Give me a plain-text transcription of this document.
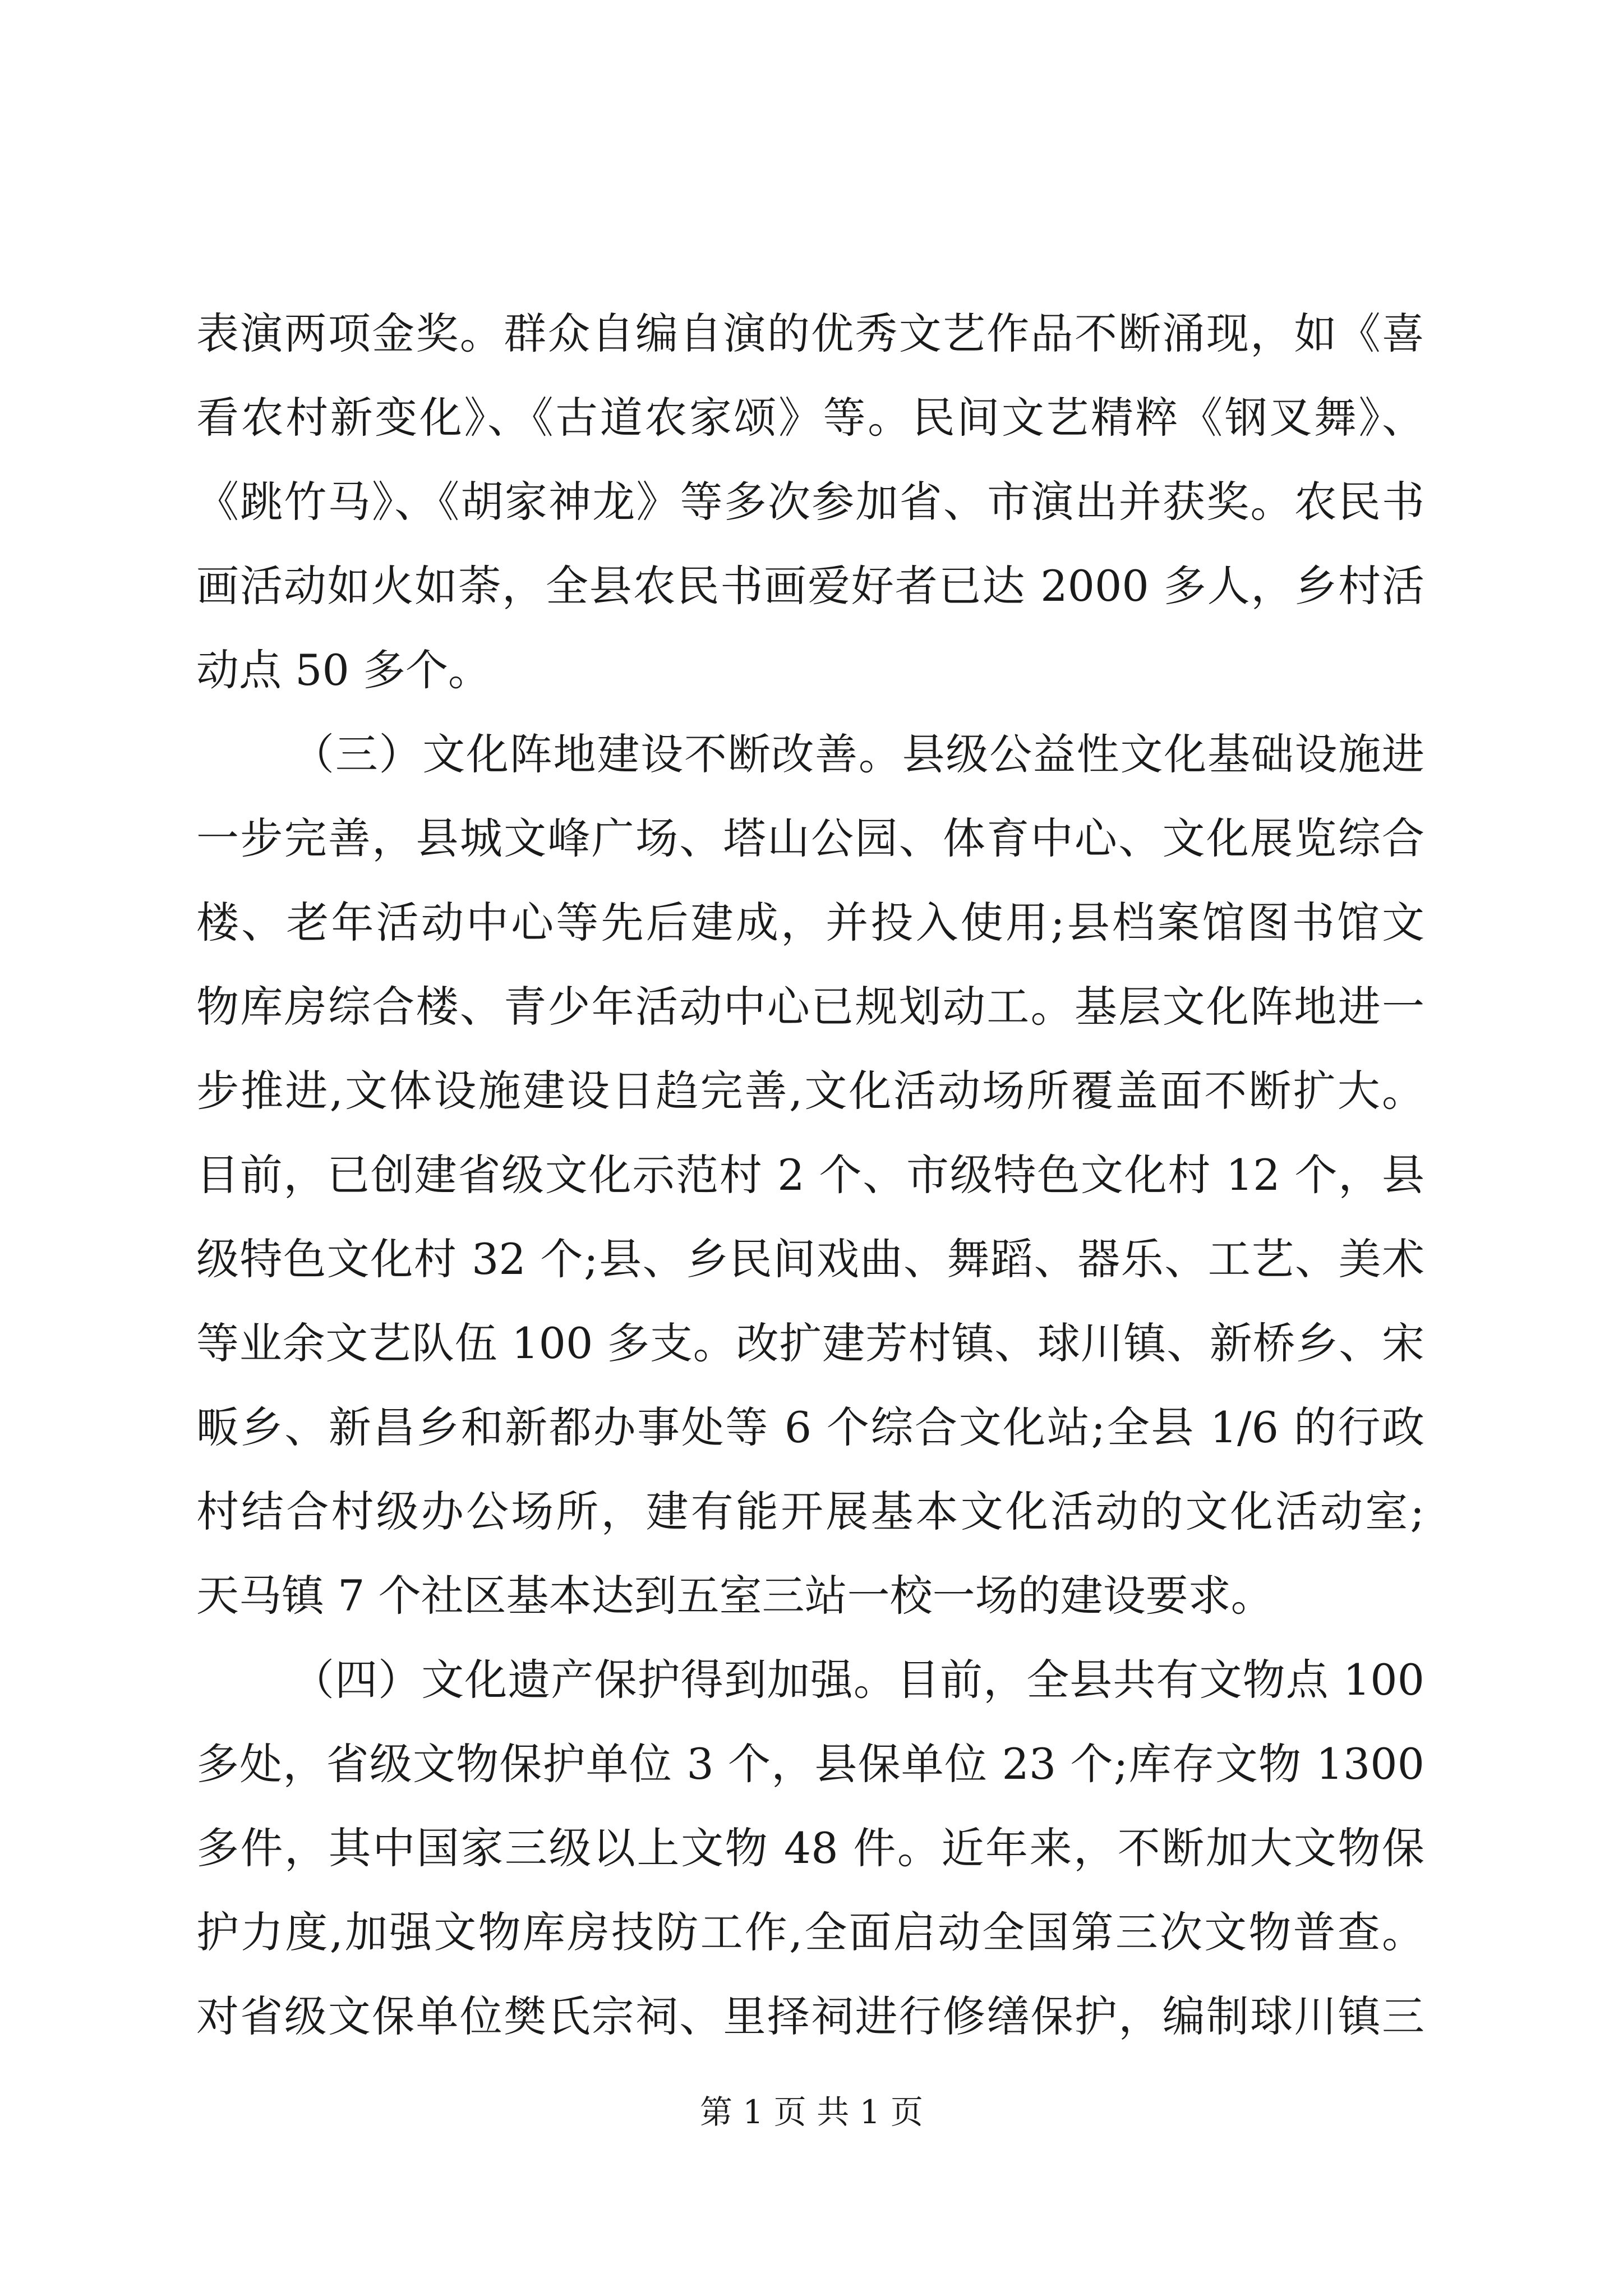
表演两项金奖。群众自编自演的优秀文艺作品不断涌现，如《喜
看农村新变化》、《古道农家颂》等。民间文艺精粹《钢叉舞》、
《跳竹马》、《胡家神龙》等多次参加省、市演出并获奖。农民书
画活动如火如荼，全县农民书画爱好者已达 2000 多人，乡村活
动点 50 多个。
（三）文化阵地建设不断改善。县级公益性文化基础设施进
一步完善，县城文峰广场、塔山公园、体育中心、文化展览综合
楼、老年活动中心等先后建成，并投入使用;县档案馆图书馆文
物库房综合楼、青少年活动中心已规划动工。基层文化阵地进一
步推进,文体设施建设日趋完善,文化活动场所覆盖面不断扩大。
目前，已创建省级文化示范村 2 个、市级特色文化村 12 个，县
级特色文化村 32 个;县、乡民间戏曲、舞蹈、器乐、工艺、美术
等业余文艺队伍 100 多支。改扩建芳村镇、球川镇、新桥乡、宋
畈乡、新昌乡和新都办事处等 6 个综合文化站;全县 1/6 的行政
村结合村级办公场所，建有能开展基本文化活动的文化活动室;
天马镇 7 个社区基本达到五室三站一校一场的建设要求。
（四）文化遗产保护得到加强。目前，全县共有文物点 100
多处，省级文物保护单位 3 个，县保单位 23 个;库存文物 1300
多件，其中国家三级以上文物 48 件。近年来，不断加大文物保
护力度,加强文物库房技防工作,全面启动全国第三次文物普查。
对省级文保单位樊氏宗祠、里择祠进行修缮保护，编制球川镇三
第 1 页 共 1 页
